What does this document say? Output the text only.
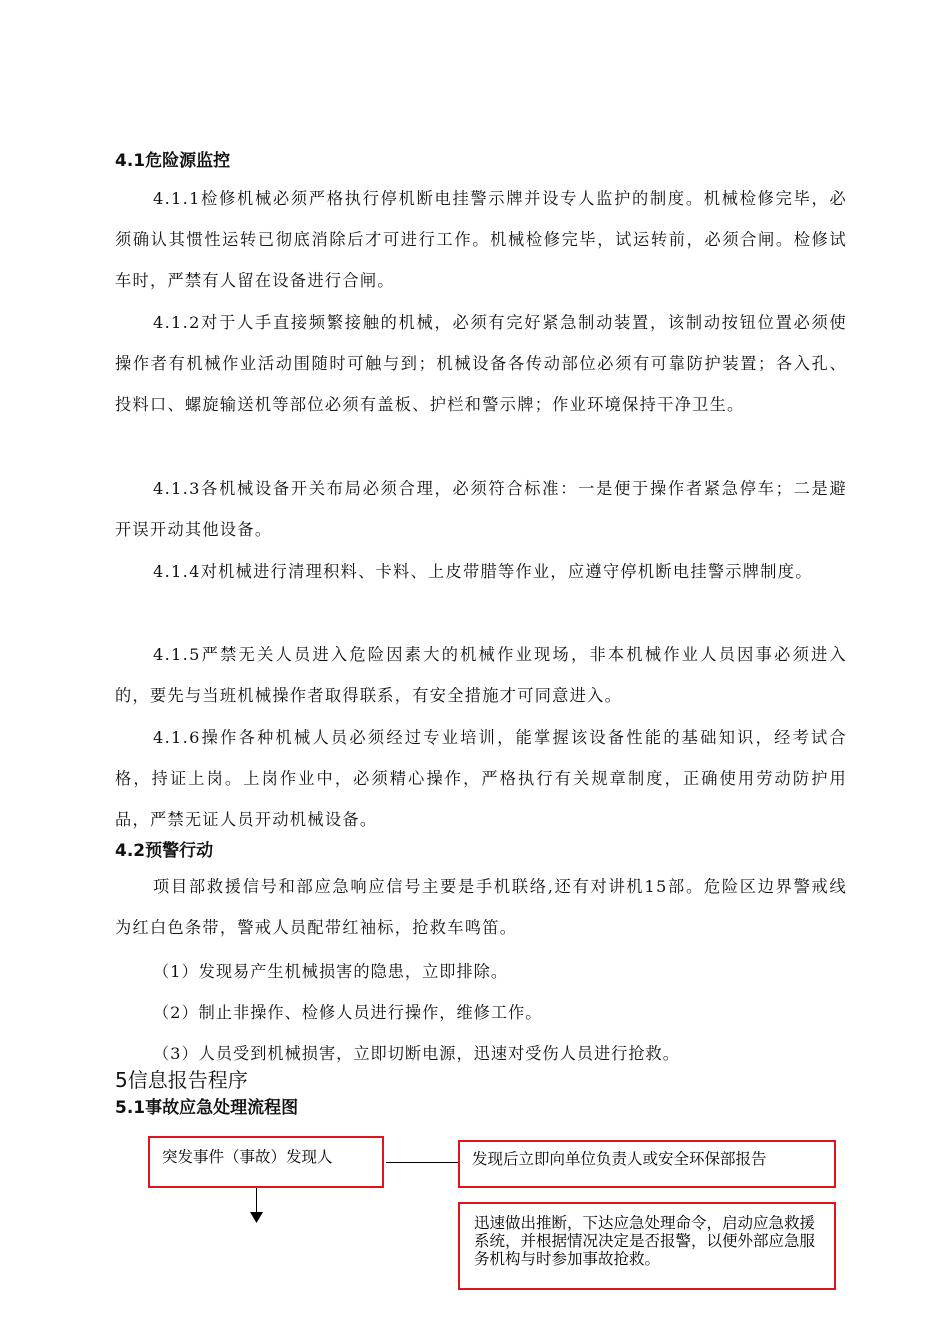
4.1危险源监控

4.1.1检修机械必须严格执行停机断电挂警示牌并设专人监护的制度。机械检修完毕，必须确认其惯性运转已彻底消除后才可进行工作。机械检修完毕，试运转前，必须合闸。检修试车时，严禁有人留在设备进行合闸。

4.1.2对于人手直接频繁接触的机械，必须有完好紧急制动装置，该制动按钮位置必须使操作者有机械作业活动围随时可触与到；机械设备各传动部位必须有可靠防护装置；各入孔、投料口、螺旋输送机等部位必须有盖板、护栏和警示牌；作业环境保持干净卫生。

4.1.3各机械设备开关布局必须合理，必须符合标准：一是便于操作者紧急停车；二是避开误开动其他设备。

4.1.4对机械进行清理积料、卡料、上皮带腊等作业，应遵守停机断电挂警示牌制度。

4.1.5严禁无关人员进入危险因素大的机械作业现场，非本机械作业人员因事必须进入的，要先与当班机械操作者取得联系，有安全措施才可同意进入。

4.1.6操作各种机械人员必须经过专业培训，能掌握该设备性能的基础知识，经考试合格，持证上岗。上岗作业中，必须精心操作，严格执行有关规章制度，正确使用劳动防护用品，严禁无证人员开动机械设备。

4.2预警行动

项目部救援信号和部应急响应信号主要是手机联络,还有对讲机15部。危险区边界警戒线为红白色条带，警戒人员配带红袖标，抢救车鸣笛。

（1）发现易产生机械损害的隐患，立即排除。
（2）制止非操作、检修人员进行操作，维修工作。
（3）人员受到机械损害，立即切断电源，迅速对受伤人员进行抢救。
5信息报告程序
5.1事故应急处理流程图
突发事件（事故）发现人	发现后立即向单位负责人或安全环保部报告
迅速做出推断，下达应急处理命令，启动应急救援系统，并根据情况决定是否报警，以便外部应急服务机构与时参加事故抢救。
